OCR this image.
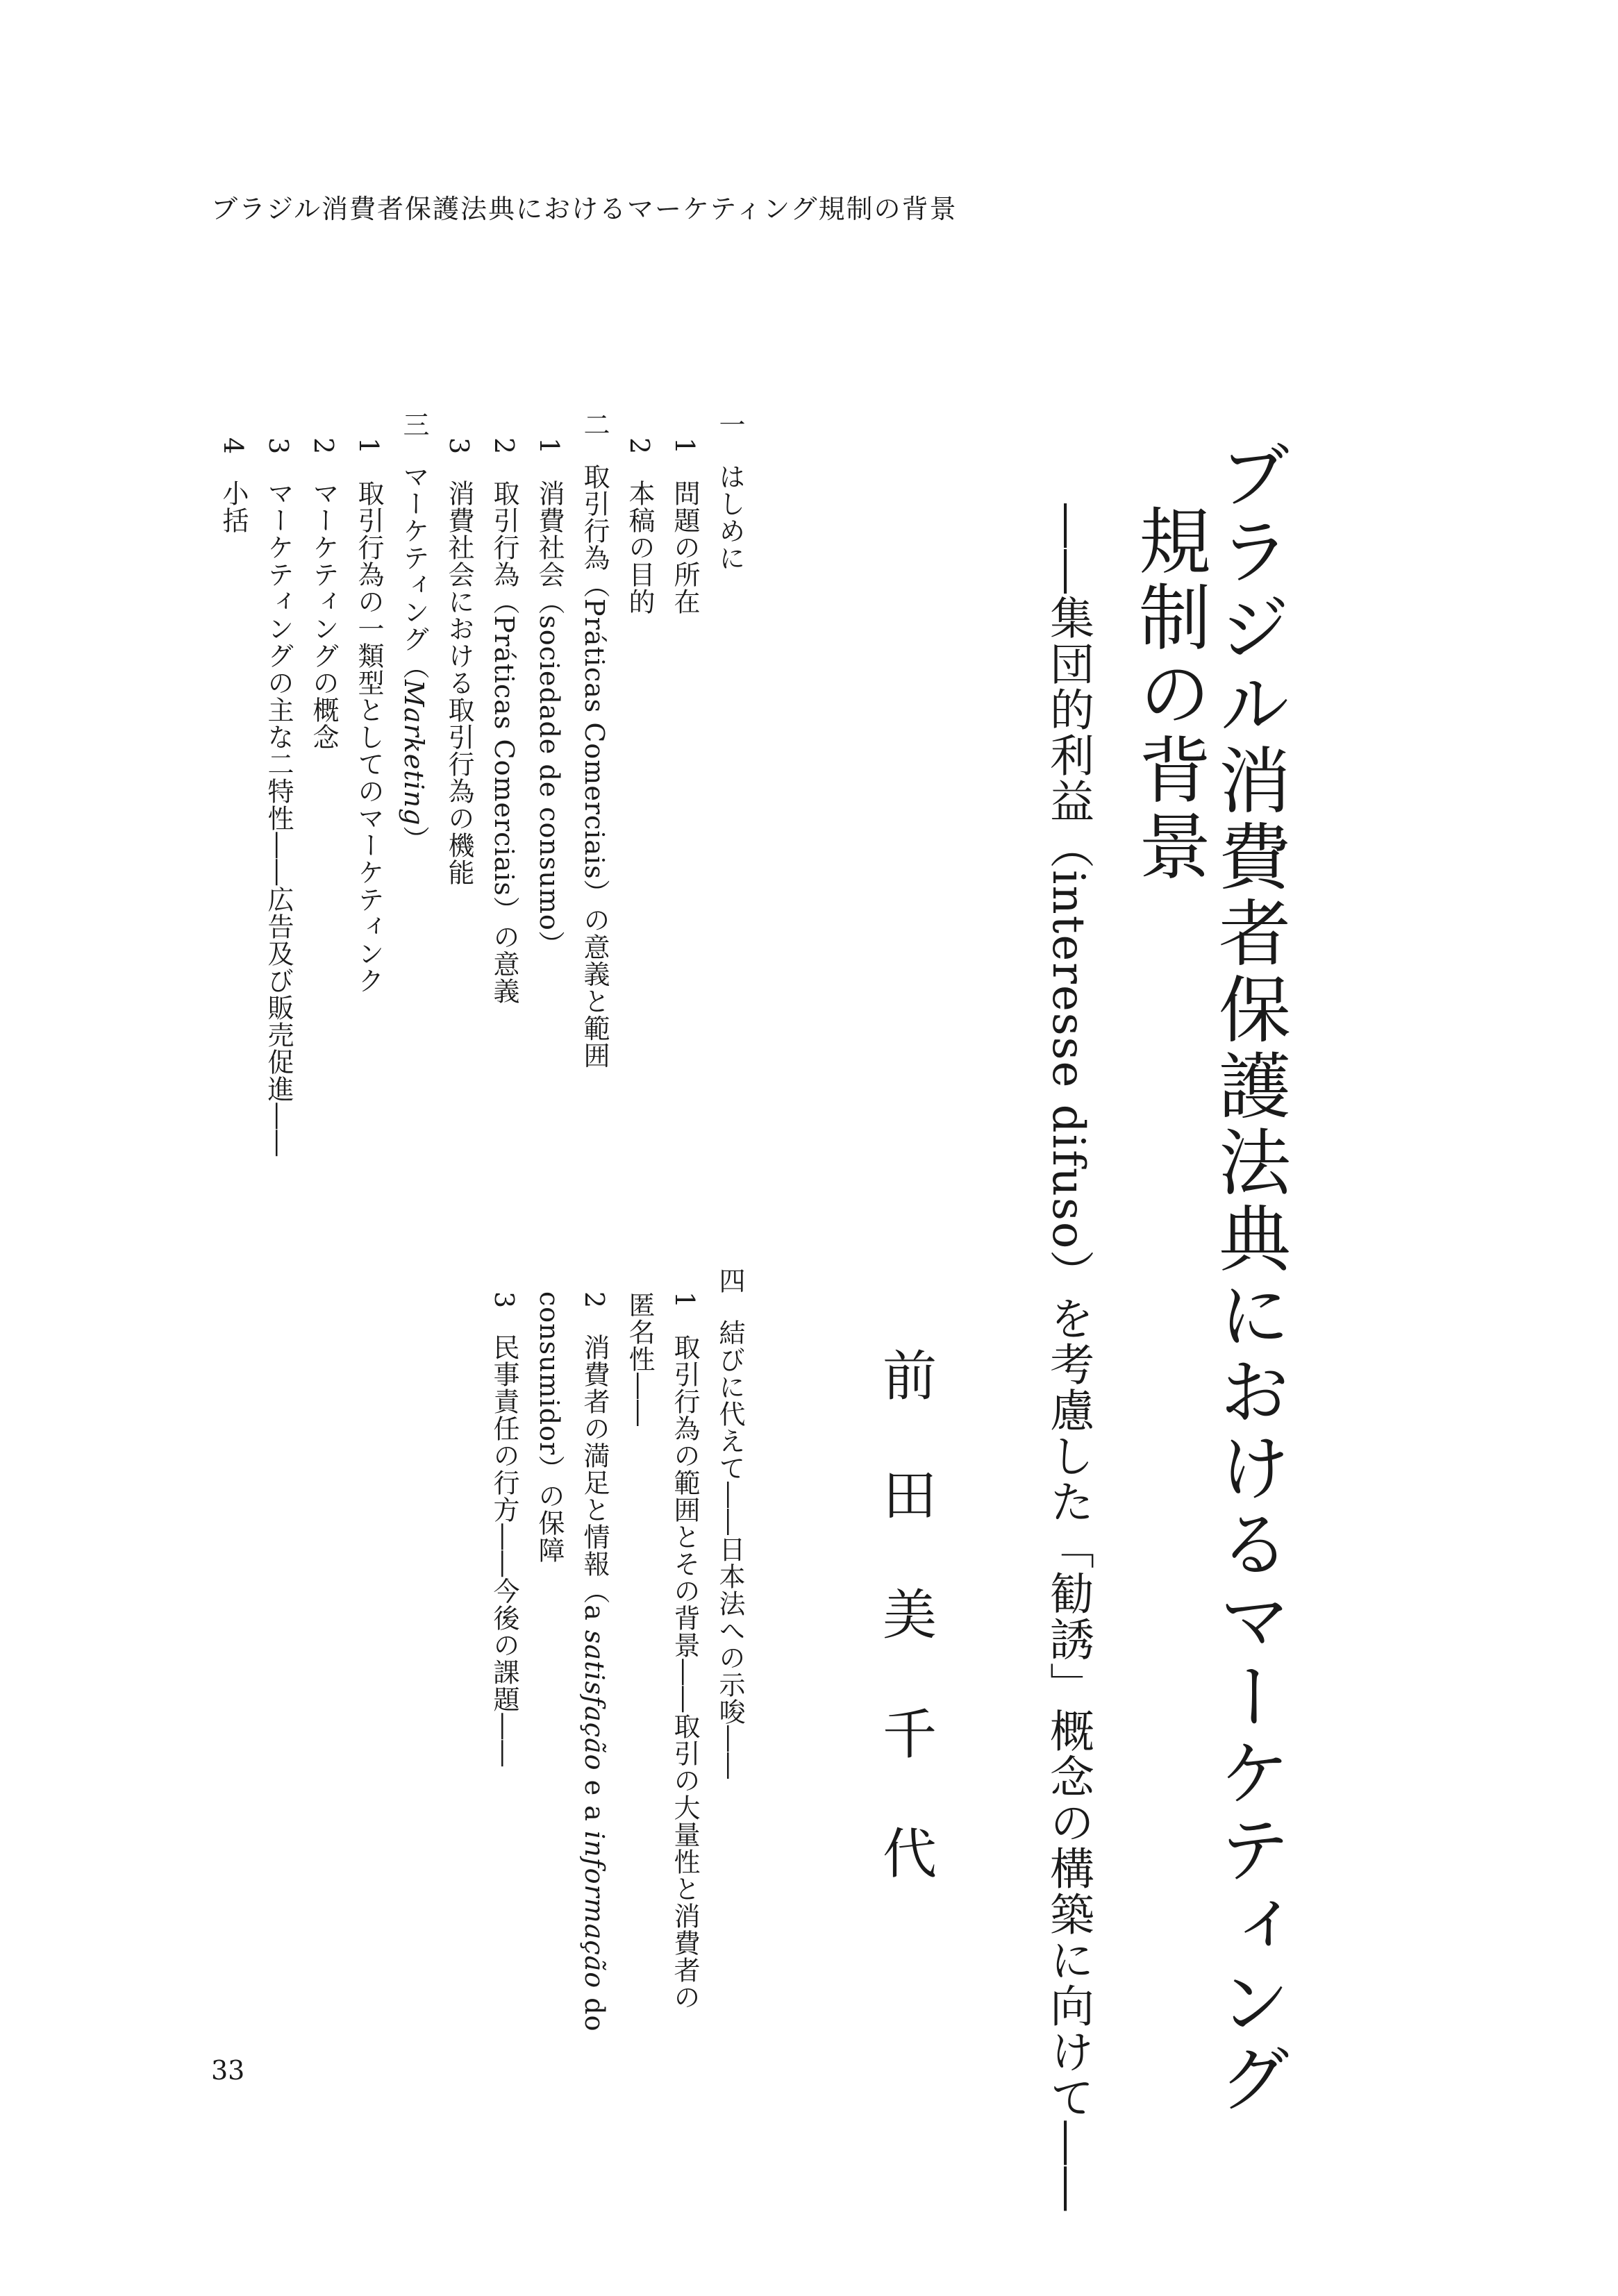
ブラジル消費者保護法典におけるマーケティング規制の背景
ブラジル消費者保護法典におけるマーケティング
規制の背景
――集団的利益（interesse difuso）を考慮した「勧誘」概念の構築に向けて――
前
田
美
千
代
一はしめに
1問題の所在
2本稿の目的
二取引行為（Práticas Comerciais）の意義と範囲
1消費社会（sociedade de consumo）
2取引行為（Práticas Comerciais）の意義
3消費社会における取引行為の機能
三マーケティング（Marketing）
1取引行為の一類型としてのマーケティンク
2マーケティングの概念
3マーケティングの主な二特性――広告及び販売促進――
4小括
四結びに代えて――日本法への示唆――
1取引行為の範囲とその背景――取引の大量性と消費者の
匿名性――
2消費者の満足と情報（a satisfação e a informação do
consumidor）の保障
3民事責任の行方――今後の課題――
33
